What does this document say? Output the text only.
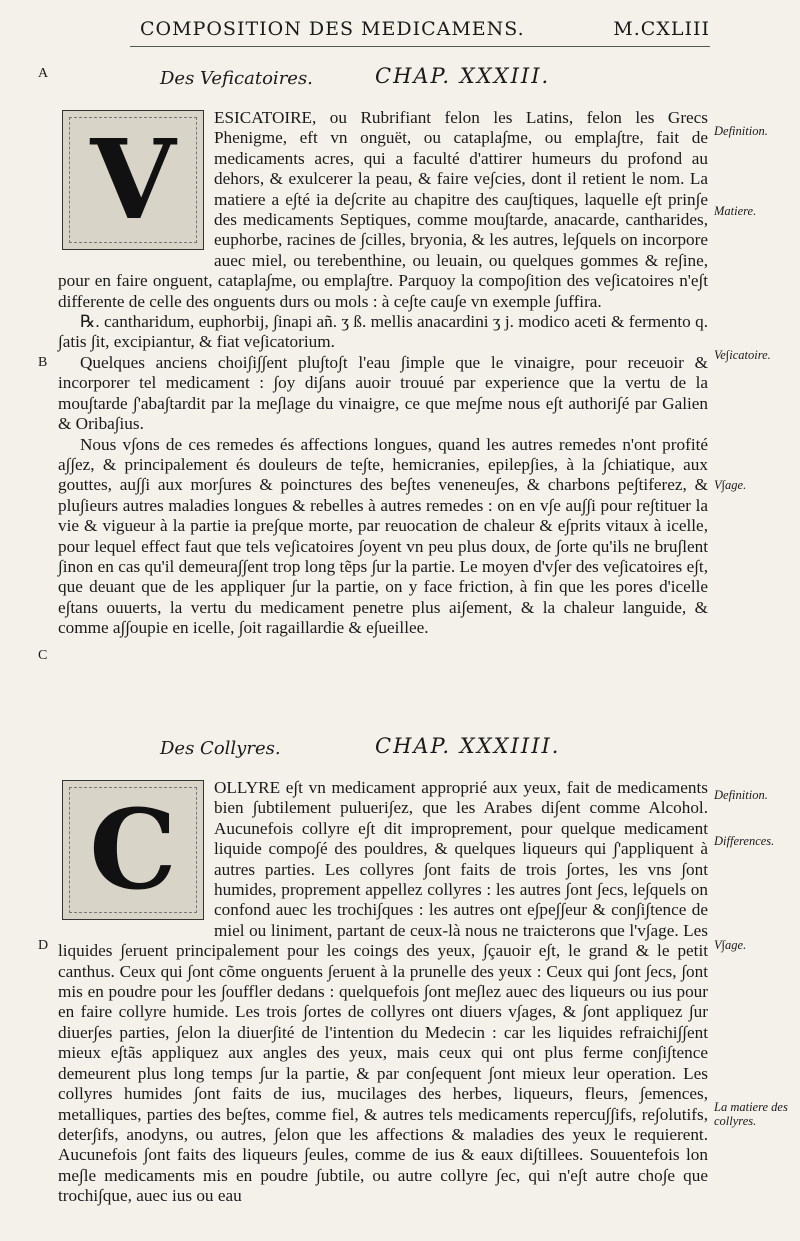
COMPOSITION DES MEDICAMENS.	M.CXLIII
A
B
C
D
Des Veficatoires.	CHAP. XXXIII.
V	ESICATOIRE, ou Rubrifiant felon les Latins, felon les Grecs Phenigme, eft vn onguët, ou catapla∫me, ou empla∫tre, fait de medicaments acres, qui a faculté d'attirer humeurs du profond au dehors, & exulcerer la peau, & faire ve∫cies, dont il retient le nom. La matiere a e∫té ia de∫crite au chapitre des cau∫tiques, laquelle e∫t prin∫e des medicaments Septiques, comme mou∫tarde, anacarde, cantharides, euphorbe, racines de ∫cilles, bryonia, & les autres, le∫quels on incorpore auec miel, ou terebenthine, ou leuain, ou quelques gommes & re∫ine, pour en faire onguent, catapla∫me, ou empla∫tre. Parquoy la compo∫ition des ve∫icatoires n'e∫t differente de celle des onguents durs ou mols : à ce∫te cau∫e vn exemple ∫uffira.

℞. cantharidum, euphorbij, ∫inapi añ. ʒ ß. mellis anacardini ʒ j. modico aceti & fermento q. ∫atis ∫it, excipiantur, & fiat ve∫icatorium.

Quelques anciens choi∫i∫∫ent plu∫to∫t l'eau ∫imple que le vinaigre, pour receuoir & incorporer tel medicament : ∫oy di∫ans auoir trouué par experience que la vertu de la mou∫tarde ∫'aba∫tardit par la me∫lage du vinaigre, ce que me∫me nous e∫t authori∫é par Galien & Oriba∫ius.

Nous v∫ons de ces remedes és affections longues, quand les autres remedes n'ont profité a∫∫ez, & principalement és douleurs de te∫te, hemicranies, epilep∫ies, à la ∫chiatique, aux gouttes, au∫∫i aux mor∫ures & poinctures des be∫tes veneneu∫es, & charbons pe∫tiferez, & plu∫ieurs autres maladies longues & rebelles à autres remedes : on en v∫e au∫∫i pour re∫tituer la vie & vigueur à la partie ia pre∫que morte, par reuocation de chaleur & e∫prits vitaux à icelle, pour lequel effect faut que tels ve∫icatoires ∫oyent vn peu plus doux, de ∫orte qu'ils ne bru∫lent ∫inon en cas qu'il demeura∫∫ent trop long tẽps ∫ur la partie. Le moyen d'v∫er des ve∫icatoires e∫t, que deuant que de les appliquer ∫ur la partie, on y face friction, à fin que les pores d'icelle e∫tans ouuerts, la vertu du medicament penetre plus ai∫ement, & la chaleur languide, & comme a∫∫oupie en icelle, ∫oit ragaillardie & e∫ueillee.

Definition.
Matiere.
Ve∫icatoire.
V∫age.
Des Collyres.	CHAP. XXXIIII.
C	OLLYRE e∫t vn medicament approprié aux yeux, fait de medicaments bien ∫ubtilement pulueri∫ez, que les Arabes di∫ent comme Alcohol. Aucunefois collyre e∫t dit improprement, pour quelque medicament liquide compo∫é des pouldres, & quelques liqueurs qui ∫'appliquent à autres parties. Les collyres ∫ont faits de trois ∫ortes, les vns ∫ont humides, proprement appellez collyres : les autres ∫ont ∫ecs, le∫quels on confond auec les trochi∫ques : les autres ont e∫pe∫∫eur & con∫i∫tence de miel ou liniment, partant de ceux-là nous ne traicterons que l'v∫age. Les liquides ∫eruent principalement pour les coings des yeux, ∫çauoir e∫t, le grand & le petit canthus. Ceux qui ∫ont cõme onguents ∫eruent à la prunelle des yeux : Ceux qui ∫ont ∫ecs, ∫ont mis en poudre pour les ∫ouffler dedans : quelquefois ∫ont me∫lez auec des liqueurs ou ius pour en faire collyre humide. Les trois ∫ortes de collyres ont diuers v∫ages, & ∫ont appliquez ∫ur diuer∫es parties, ∫elon la diuer∫ité de l'intention du Medecin : car les liquides refraichi∫∫ent mieux e∫tãs appliquez aux angles des yeux, mais ceux qui ont plus ferme con∫i∫tence demeurent plus long temps ∫ur la partie, & par con∫equent ∫ont mieux leur operation. Les collyres humides ∫ont faits de ius, mucilages des herbes, liqueurs, fleurs, ∫emences, metalliques, parties des be∫tes, comme fiel, & autres tels medicaments repercu∫∫ifs, re∫olutifs, deter∫ifs, anodyns, ou autres, ∫elon que les affections & maladies des yeux le requierent. Aucunefois ∫ont faits des liqueurs ∫eules, comme de ius & eaux di∫tillees. Souuentefois lon me∫le medicaments mis en poudre ∫ubtile, ou autre collyre ∫ec, qui n'e∫t autre cho∫e que trochi∫que, auec ius ou eau

Definition.
Differences.
V∫age.
La matiere des collyres.
